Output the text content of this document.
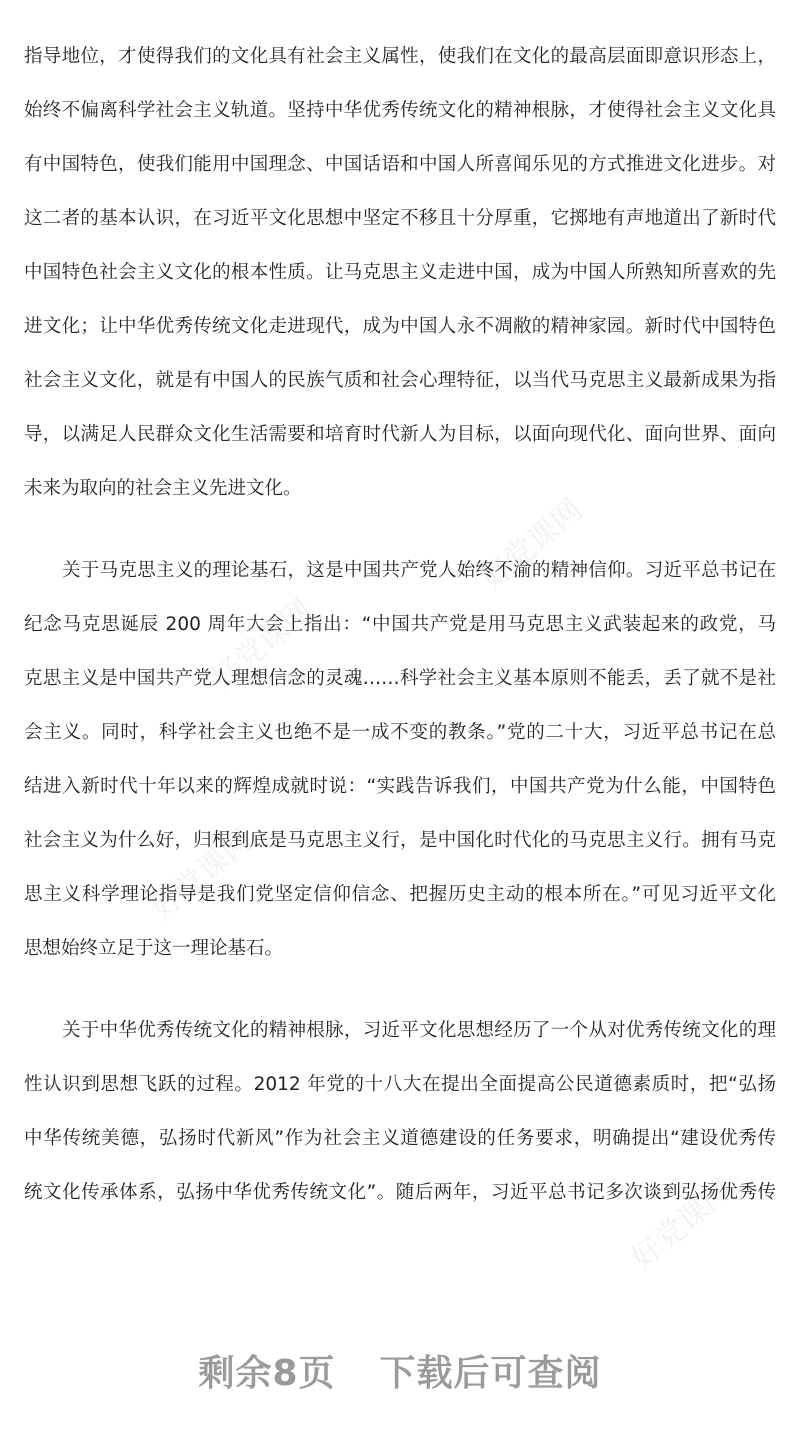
好党课网
好党课网
好党课网
好党课网
指导地位，才使得我们的文化具有社会主义属性，使我们在文化的最高层面即意识形态上，
始终不偏离科学社会主义轨道。坚持中华优秀传统文化的精神根脉，才使得社会主义文化具
有中国特色，使我们能用中国理念、中国话语和中国人所喜闻乐见的方式推进文化进步。对
这二者的基本认识，在习近平文化思想中坚定不移且十分厚重，它掷地有声地道出了新时代
中国特色社会主义文化的根本性质。让马克思主义走进中国，成为中国人所熟知所喜欢的先
进文化；让中华优秀传统文化走进现代，成为中国人永不凋敝的精神家园。新时代中国特色
社会主义文化，就是有中国人的民族气质和社会心理特征，以当代马克思主义最新成果为指
导，以满足人民群众文化生活需要和培育时代新人为目标，以面向现代化、面向世界、面向
未来为取向的社会主义先进文化。
关于马克思主义的理论基石，这是中国共产党人始终不渝的精神信仰。习近平总书记在
纪念马克思诞辰 200 周年大会上指出：“中国共产党是用马克思主义武装起来的政党，马
克思主义是中国共产党人理想信念的灵魂……科学社会主义基本原则不能丢，丢了就不是社
会主义。同时，科学社会主义也绝不是一成不变的教条。”党的二十大，习近平总书记在总
结进入新时代十年以来的辉煌成就时说：“实践告诉我们，中国共产党为什么能，中国特色
社会主义为什么好，归根到底是马克思主义行，是中国化时代化的马克思主义行。拥有马克
思主义科学理论指导是我们党坚定信仰信念、把握历史主动的根本所在。”可见习近平文化
思想始终立足于这一理论基石。
关于中华优秀传统文化的精神根脉，习近平文化思想经历了一个从对优秀传统文化的理
性认识到思想飞跃的过程。2012 年党的十八大在提出全面提高公民道德素质时，把“弘扬
中华传统美德，弘扬时代新风”作为社会主义道德建设的任务要求，明确提出“建设优秀传
统文化传承体系，弘扬中华优秀传统文化”。随后两年，习近平总书记多次谈到弘扬优秀传
剩余8页 下载后可查阅
